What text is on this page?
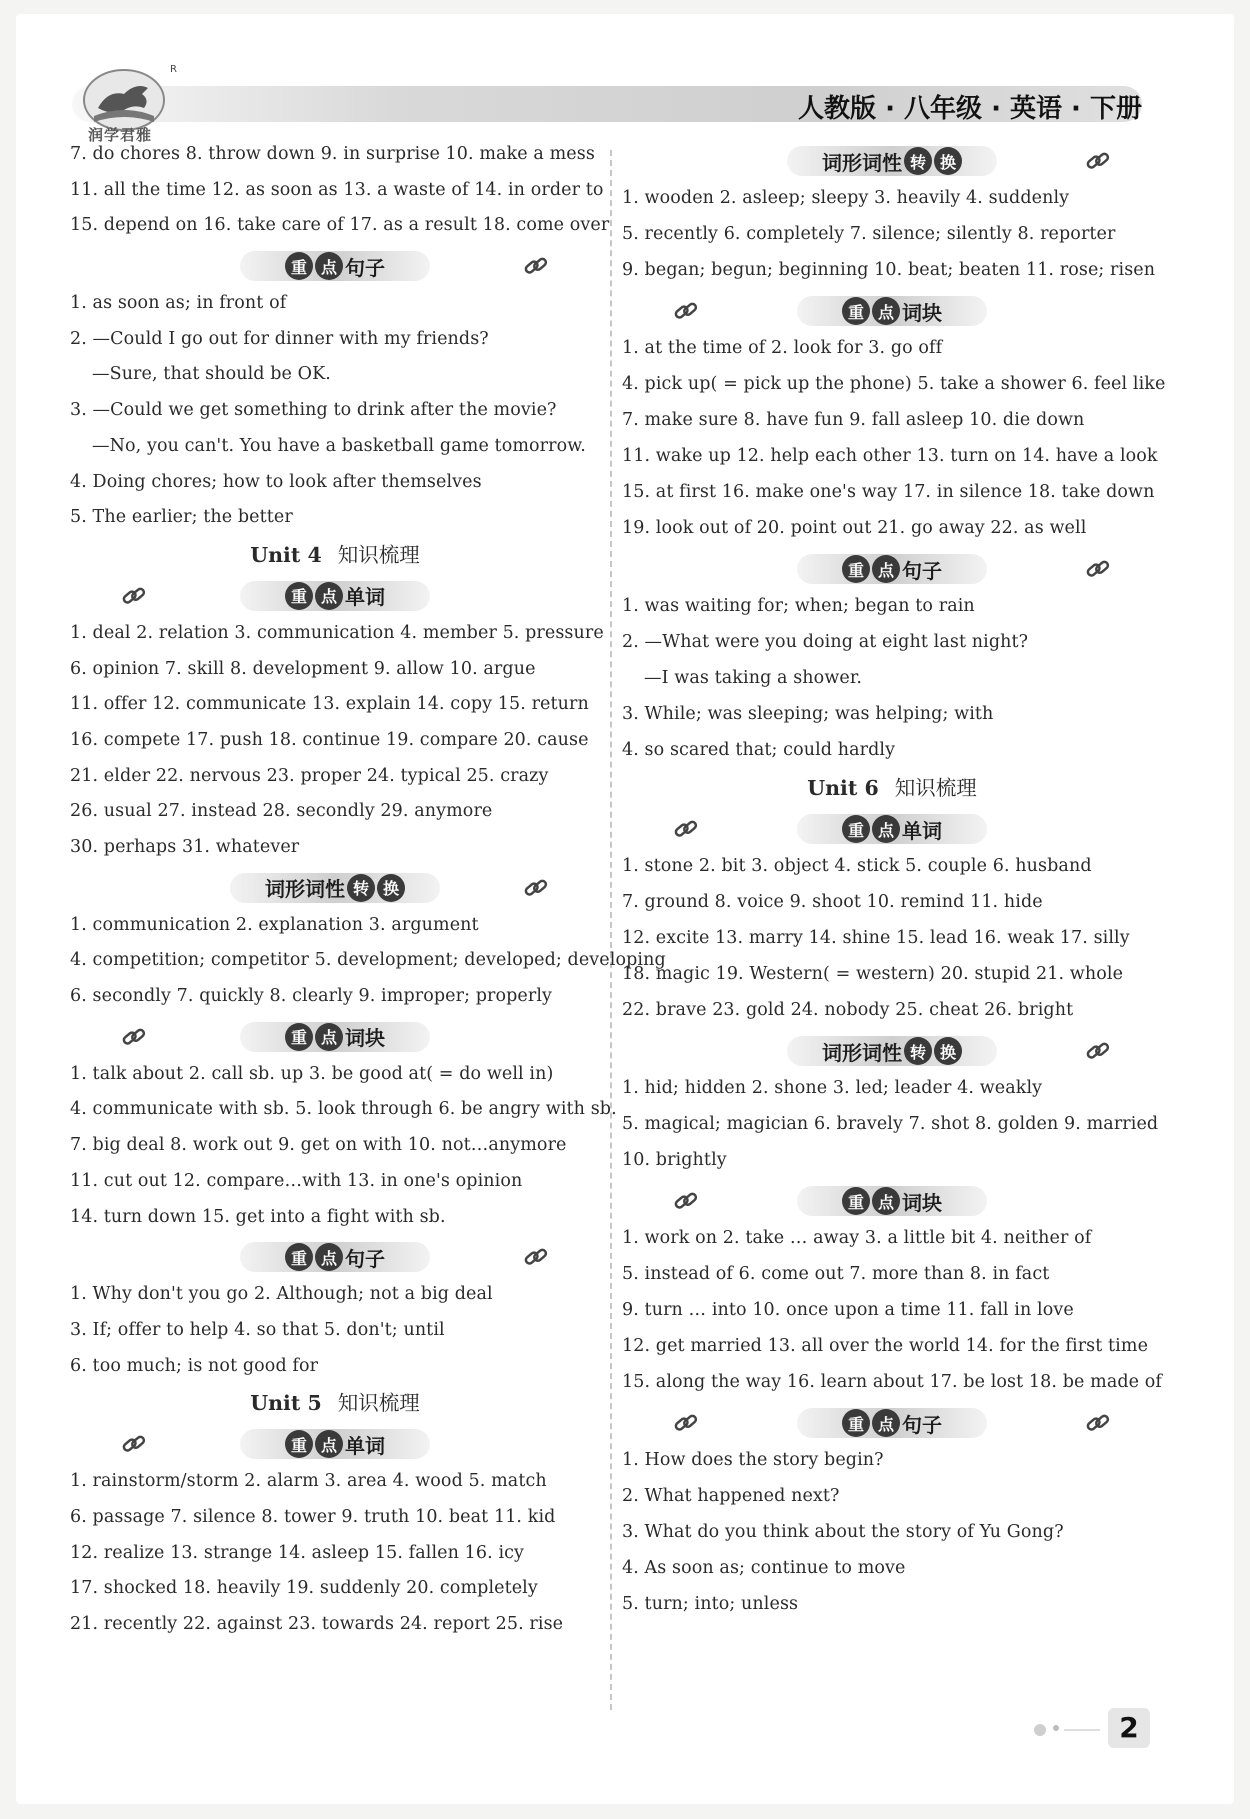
R
润学君雅
人教版 · 八年级 · 英语 · 下册
7. do chores 8. throw down 9. in surprise 10. make a mess
11. all the time 12. as soon as 13. a waste of 14. in order to
15. depend on 16. take care of 17. as a result 18. come over
重 点 句子
1. as soon as; in front of
2. —Could I go out for dinner with my friends?
—Sure, that should be OK.
3. —Could we get something to drink after the movie?
—No, you can't. You have a basketball game tomorrow.
4. Doing chores; how to look after themselves
5. The earlier; the better
Unit 4 知识梳理
重 点 单词
1. deal 2. relation 3. communication 4. member 5. pressure
6. opinion 7. skill 8. development 9. allow 10. argue
11. offer 12. communicate 13. explain 14. copy 15. return
16. compete 17. push 18. continue 19. compare 20. cause
21. elder 22. nervous 23. proper 24. typical 25. crazy
26. usual 27. instead 28. secondly 29. anymore
30. perhaps 31. whatever
词形词性 转 换
1. communication 2. explanation 3. argument
4. competition; competitor 5. development; developed; developing
6. secondly 7. quickly 8. clearly 9. improper; properly
重 点 词块
1. talk about 2. call sb. up 3. be good at( = do well in)
4. communicate with sb. 5. look through 6. be angry with sb.
7. big deal 8. work out 9. get on with 10. not…anymore
11. cut out 12. compare…with 13. in one's opinion
14. turn down 15. get into a fight with sb.
重 点 句子
1. Why don't you go 2. Although; not a big deal
3. If; offer to help 4. so that 5. don't; until
6. too much; is not good for
Unit 5 知识梳理
重 点 单词
1. rainstorm/storm 2. alarm 3. area 4. wood 5. match
6. passage 7. silence 8. tower 9. truth 10. beat 11. kid
12. realize 13. strange 14. asleep 15. fallen 16. icy
17. shocked 18. heavily 19. suddenly 20. completely
21. recently 22. against 23. towards 24. report 25. rise
词形词性 转 换
1. wooden 2. asleep; sleepy 3. heavily 4. suddenly
5. recently 6. completely 7. silence; silently 8. reporter
9. began; begun; beginning 10. beat; beaten 11. rose; risen
重 点 词块
1. at the time of 2. look for 3. go off
4. pick up( = pick up the phone) 5. take a shower 6. feel like
7. make sure 8. have fun 9. fall asleep 10. die down
11. wake up 12. help each other 13. turn on 14. have a look
15. at first 16. make one's way 17. in silence 18. take down
19. look out of 20. point out 21. go away 22. as well
重 点 句子
1. was waiting for; when; began to rain
2. —What were you doing at eight last night?
—I was taking a shower.
3. While; was sleeping; was helping; with
4. so scared that; could hardly
Unit 6 知识梳理
重 点 单词
1. stone 2. bit 3. object 4. stick 5. couple 6. husband
7. ground 8. voice 9. shoot 10. remind 11. hide
12. excite 13. marry 14. shine 15. lead 16. weak 17. silly
18. magic 19. Western( = western) 20. stupid 21. whole
22. brave 23. gold 24. nobody 25. cheat 26. bright
词形词性 转 换
1. hid; hidden 2. shone 3. led; leader 4. weakly
5. magical; magician 6. bravely 7. shot 8. golden 9. married
10. brightly
重 点 词块
1. work on 2. take … away 3. a little bit 4. neither of
5. instead of 6. come out 7. more than 8. in fact
9. turn … into 10. once upon a time 11. fall in love
12. get married 13. all over the world 14. for the first time
15. along the way 16. learn about 17. be lost 18. be made of
重 点 句子
1. How does the story begin?
2. What happened next?
3. What do you think about the story of Yu Gong?
4. As soon as; continue to move
5. turn; into; unless
2
